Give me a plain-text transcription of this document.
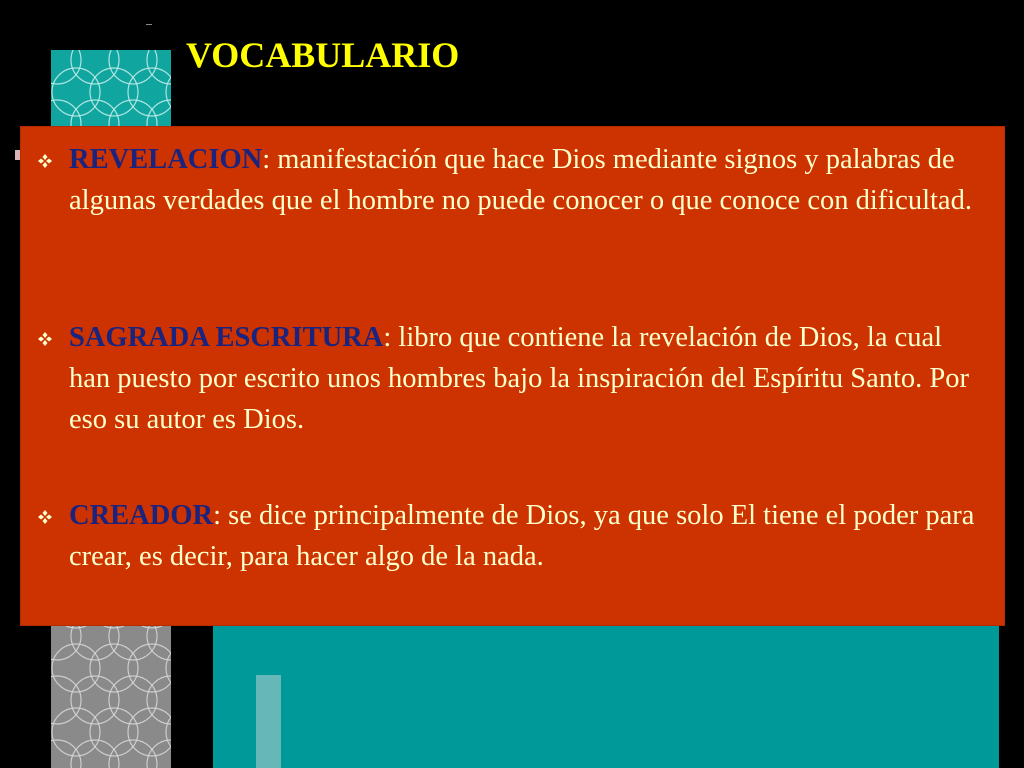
VOCABULARIO
REVELACION: manifestación que hace Dios mediante signos y palabras de algunas verdades que el hombre no puede conocer o que conoce con dificultad.
SAGRADA ESCRITURA: libro que contiene la revelación de Dios, la cual han puesto por escrito unos hombres bajo la inspiración del Espíritu Santo. Por eso su autor es Dios.
CREADOR: se dice principalmente de Dios, ya que solo El tiene el poder para crear, es decir, para hacer algo de la nada.
